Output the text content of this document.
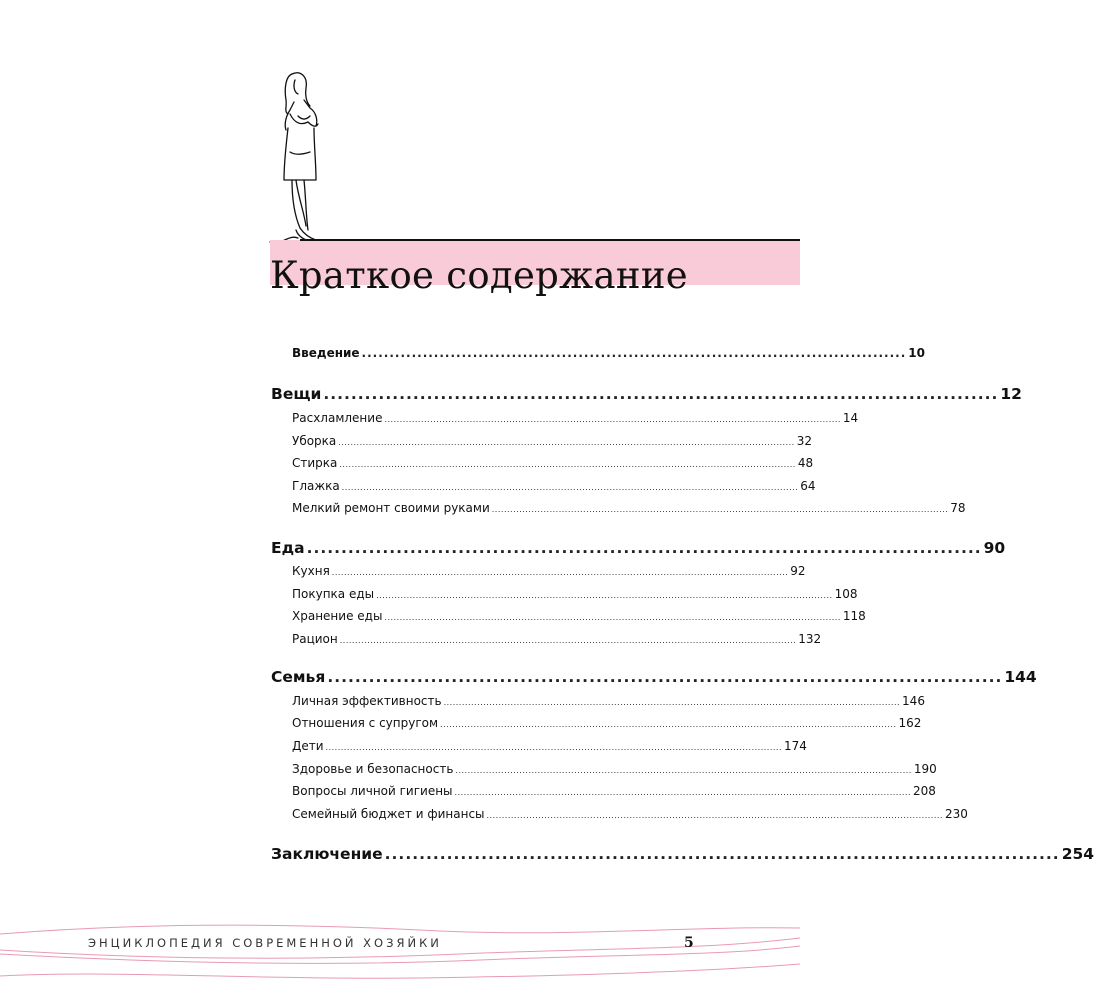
Краткое содержание
Введение .................................................................................................. 10
Вещи .................................................................................................. 12
Расхламление ...................................................................................................................................................... 14
Уборка ...................................................................................................................................................... 32
Стирка ...................................................................................................................................................... 48
Глажка ...................................................................................................................................................... 64
Мелкий ремонт своими руками ...................................................................................................................................................... 78
Еда .................................................................................................. 90
Кухня ...................................................................................................................................................... 92
Покупка еды ...................................................................................................................................................... 108
Хранение еды ...................................................................................................................................................... 118
Рацион ...................................................................................................................................................... 132
Семья .................................................................................................. 144
Личная эффективность ...................................................................................................................................................... 146
Отношения с супругом ...................................................................................................................................................... 162
Дети ...................................................................................................................................................... 174
Здоровье и безопасность ...................................................................................................................................................... 190
Вопросы личной гигиены ...................................................................................................................................................... 208
Семейный бюджет и финансы ...................................................................................................................................................... 230
Заключение .................................................................................................. 254
ЭНЦИКЛОПЕДИЯ СОВРЕМЕННОЙ ХОЗЯЙКИ	5
